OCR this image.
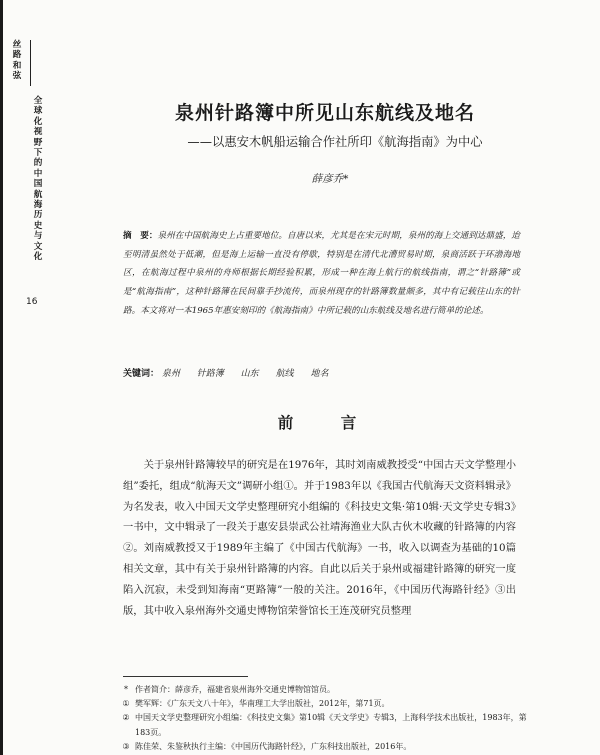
丝路和弦
全球化视野下的中国航海历史与文化
16
泉州针路簿中所见山东航线及地名
——以惠安木帆船运输合作社所印《航海指南》为中心
薛彦乔*
摘　要：泉州在中国航海史上占重要地位。自唐以来，尤其是在宋元时期，泉州的海上交通到达鼎盛，迨至明清虽然处于低潮，但是海上运输一直没有停歇，特别是在清代北漕贸易时期，泉商活跃于环渤海地区，在航海过程中泉州的舟师根据长期经验积累，形成一种在海上航行的航线指南，谓之“针路簿”或是“航海指南”，这种针路簿在民间靠手抄流传，而泉州现存的针路簿数量颇多，其中有记载往山东的针路。本文将对一本1965年惠安刻印的《航海指南》中所记载的山东航线及地名进行简单的论述。
关键词： 泉州 针路簿 山东 航线 地名
前　言

关于泉州针路簿较早的研究是在1976年，其时刘南威教授受“中国古天文学整理小组”委托，组成“航海天文”调研小组①。并于1983年以《我国古代航海天文资料辑录》为名发表，收入中国天文学史整理研究小组编的《科技史文集·第10辑·天文学史专辑3》一书中，文中辑录了一段关于惠安县崇武公社靖海渔业大队古伙木收藏的针路簿的内容②。刘南威教授又于1989年主编了《中国古代航海》一书，收入以调查为基础的10篇相关文章，其中有关于泉州针路簿的内容。自此以后关于泉州或福建针路簿的研究一度陷入沉寂，未受到知海南“更路簿”一般的关注。2016年，《中国历代海路针经》③出版，其中收入泉州海外交通史博物馆荣誉馆长王连茂研究员整理

* 作者简介：薛彦乔，福建省泉州海外交通史博物馆馆员。
① 樊军辉：《广东天文八十年》，华南理工大学出版社，2012年，第71页。
② 中国天文学史整理研究小组编：《科技史文集》第10辑《天文学史》专辑3，上海科学技术出版社，1983年，第183页。
③ 陈佳荣、朱鉴秋执行主编：《中国历代海路针经》，广东科技出版社，2016年。
